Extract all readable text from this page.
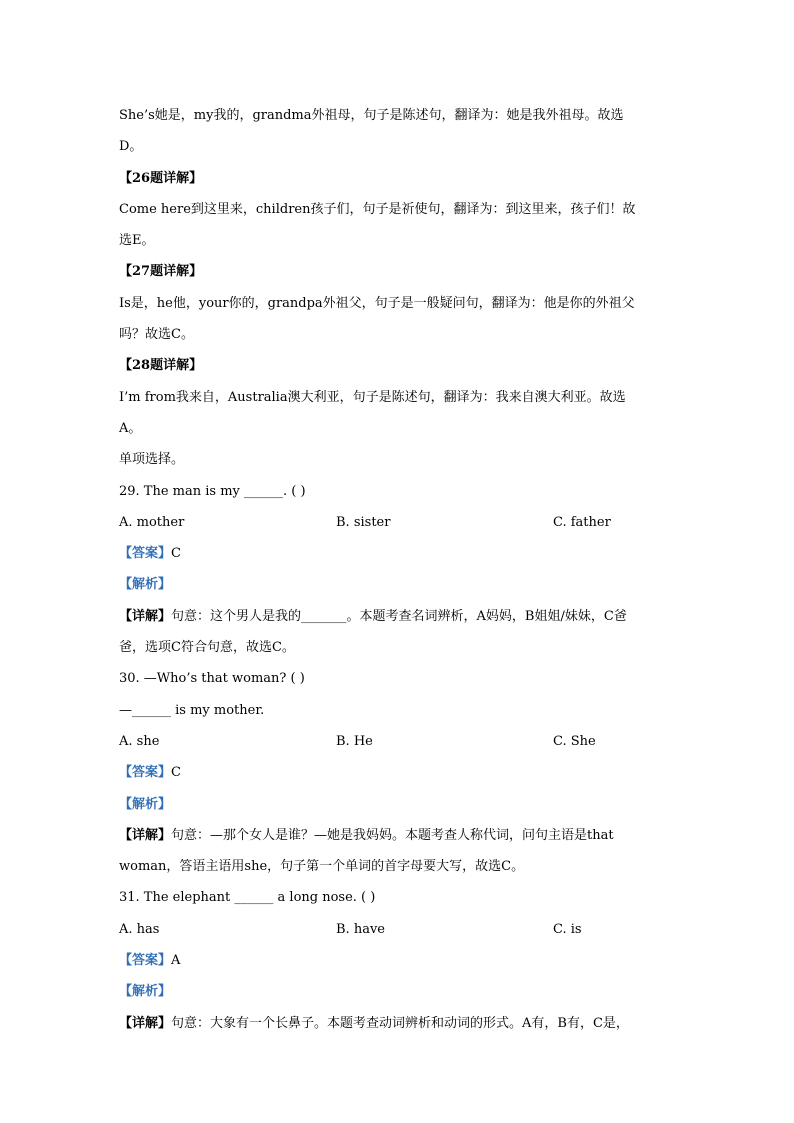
She’s她是，my我的，grandma外祖母，句子是陈述句，翻译为：她是我外祖母。故选
D。
【26题详解】
Come here到这里来，children孩子们，句子是祈使句，翻译为：到这里来，孩子们！故
选E。
【27题详解】
Is是，he他，your你的，grandpa外祖父，句子是一般疑问句，翻译为：他是你的外祖父
吗？故选C。
【28题详解】
I’m from我来自，Australia澳大利亚，句子是陈述句，翻译为：我来自澳大利亚。故选
A。
单项选择。
29. The man is my ______. ( )
A. mother	B. sister	C. father
【答案】C
【解析】
【详解】句意：这个男人是我的_______。本题考查名词辨析，A妈妈，B姐姐/妹妹，C爸
爸，选项C符合句意，故选C。
30. —Who’s that woman? ( )
—______ is my mother.
A. she	B. He	C. She
【答案】C
【解析】
【详解】句意：—那个女人是谁？—她是我妈妈。本题考查人称代词，问句主语是that
woman，答语主语用she，句子第一个单词的首字母要大写，故选C。
31. The elephant ______ a long nose. ( )
A. has	B. have	C. is
【答案】A
【解析】
【详解】句意：大象有一个长鼻子。本题考查动词辨析和动词的形式。A有，B有，C是，
